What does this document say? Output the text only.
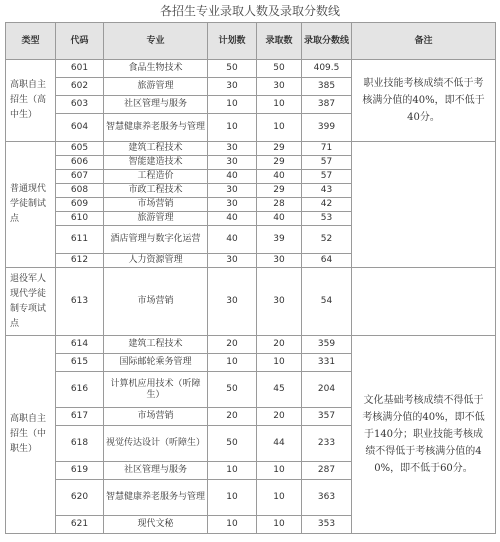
各招生专业录取人数及录取分数线
类型	代码	专业	计划数	录取数	录取分数线	备注
高职自主招生（高中生）	601	食品生物技术	50	50	409.5	职业技能考核成绩不低于考核满分值的40%，即不低于40分。
	602	旅游管理	30	30	385	
	603	社区管理与服务	10	10	387	
	604	智慧健康养老服务与管理	10	10	399	
普通现代学徒制试点	605	建筑工程技术	30	29	71	
	606	智能建造技术	30	29	57	
	607	工程造价	40	40	57	
	608	市政工程技术	30	29	43	
	609	市场营销	30	28	42	
	610	旅游管理	40	40	53	
	611	酒店管理与数字化运营	40	39	52	
	612	人力资源管理	30	30	64	
退役军人现代学徒制专项试点	613	市场营销	30	30	54	
高职自主招生（中职生）	614	建筑工程技术	20	20	359	文化基础考核成绩不得低于考核满分值的40%，即不低于140分；职业技能考核成绩不得低于考核满分值的40%，即不低于60分。
	615	国际邮轮乘务管理	10	10	331	
	616	计算机应用技术（听障生）	50	45	204	
	617	市场营销	20	20	357	
	618	视觉传达设计（听障生）	50	44	233	
	619	社区管理与服务	10	10	287	
	620	智慧健康养老服务与管理	10	10	363	
	621	现代文秘	10	10	353	
